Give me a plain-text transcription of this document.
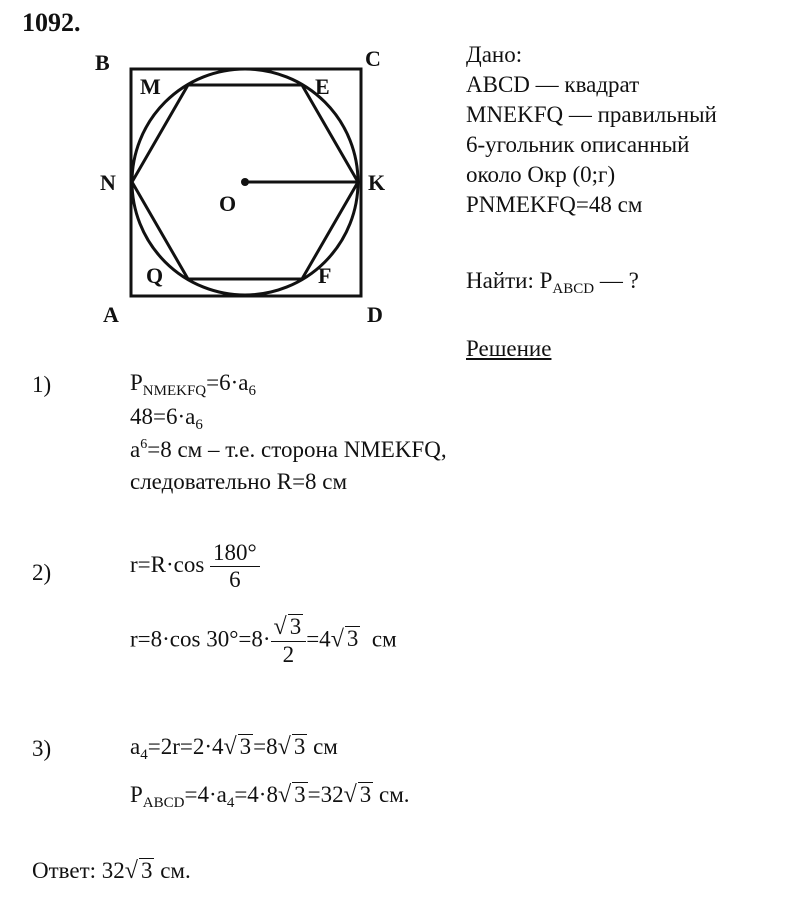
1092.
B	C
M	E
N	K
O
Q	F
A	D
Дано:
ABCD — квадрат
MNEKFQ — правильный
6-угольник описанный
около Окр (0;г)
PNMEKFQ=48 см
Найти: $P_{ABCD}$ — ?
Решение
1)	$P_{NMEKFQ}=6\cdot a_6$
$48=6\cdot a_6$
$a^6=8$ см – т.е. сторона NMEKFQ,
следовательно R=8 см
2)	$r=R\cdot\cos \frac{180^\circ}{6}$
r=8·cos $30^\circ=8\cdot \frac{√ 3}{2} =4√$ 3 см
3)	$a_4=2r=2\cdot 4√$ 3=8√ 3 см
$P_{ABCD}=4\cdot a_4=4\cdot 8√$ 3=32√ 3 см.
Ответ: 32√ 3 см.
